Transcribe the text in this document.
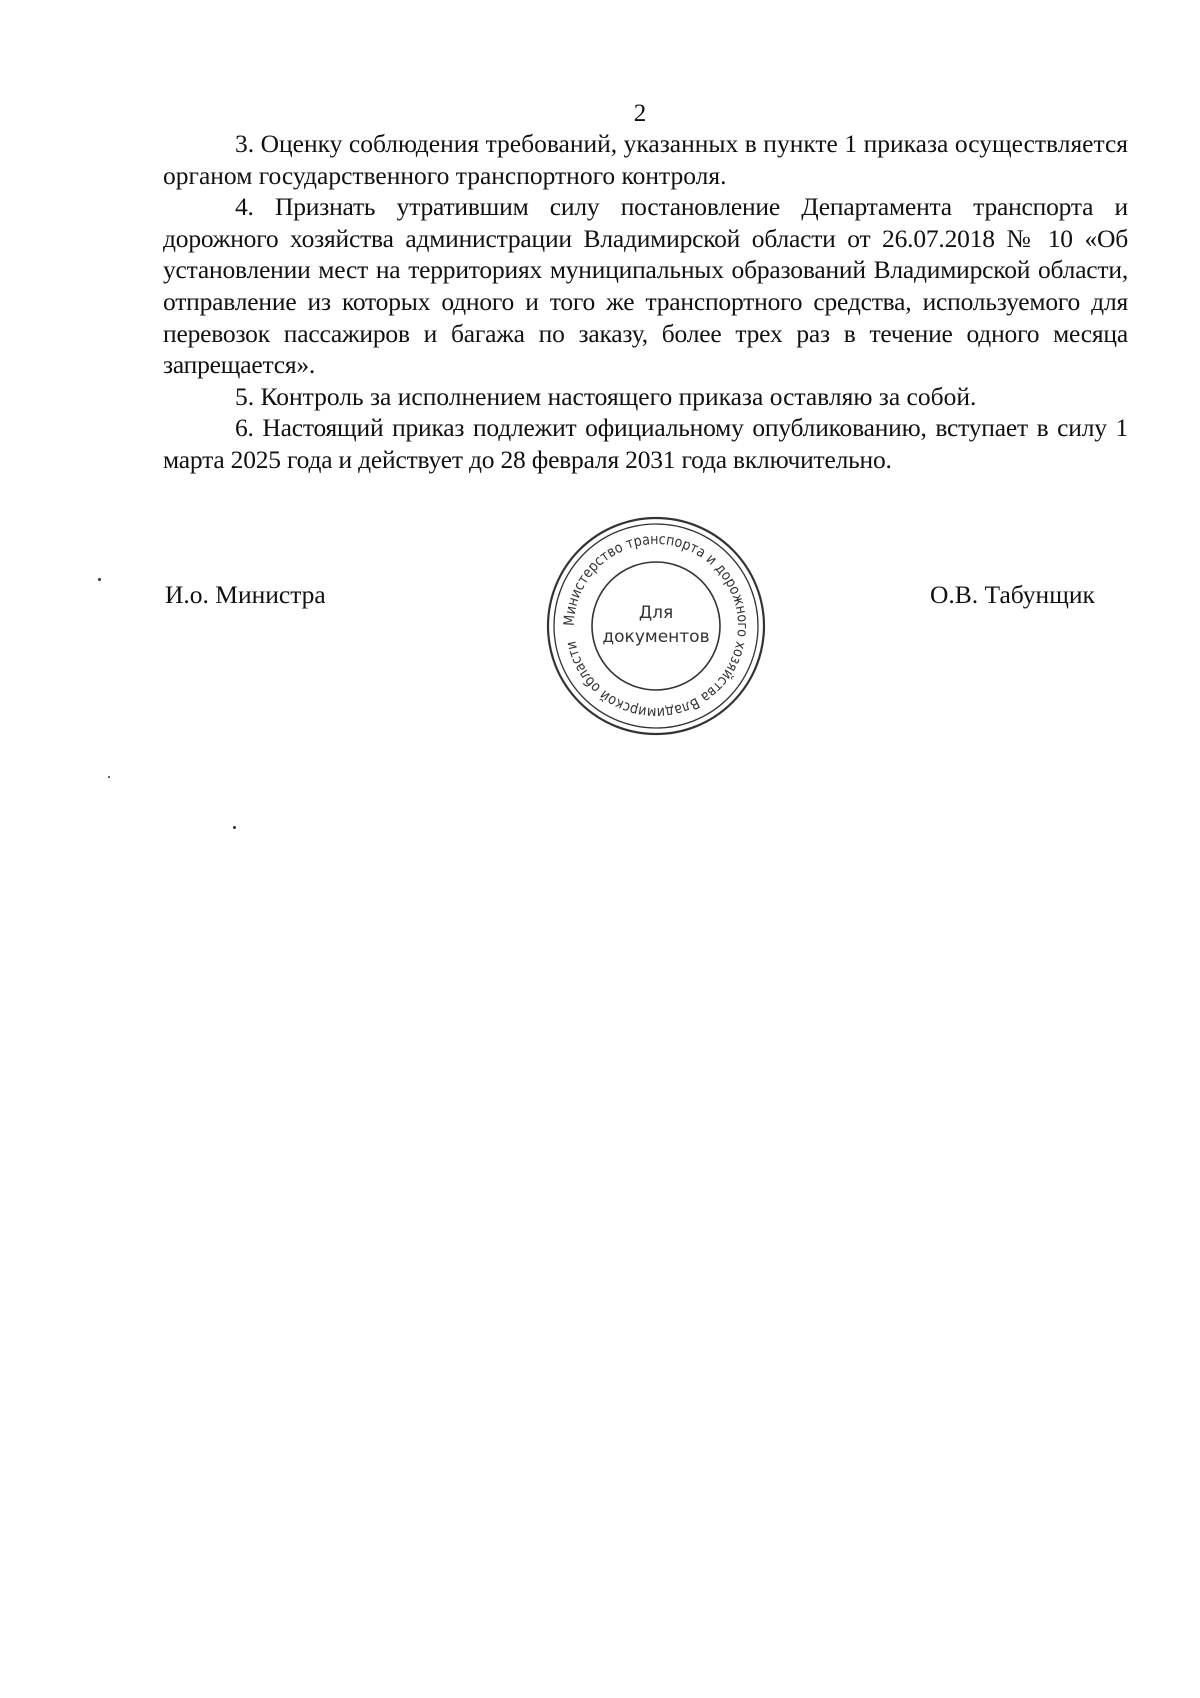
2

3. Оценку соблюдения требований, указанных в пункте 1 приказа осуществляется органом государственного транспортного контроля.

4. Признать утратившим силу постановление Департамента транспорта и дорожного хозяйства администрации Владимирской области от 26.07.2018 № 10 «Об установлении мест на территориях муниципальных образований Владимирской области, отправление из которых одного и того же транспортного средства, используемого для перевозок пассажиров и багажа по заказу, более трех раз в течение одного месяца запрещается».

5. Контроль за исполнением настоящего приказа оставляю за собой.

6. Настоящий приказ подлежит официальному опубликованию, вступает в силу 1 марта 2025 года и действует до 28 февраля 2031 года включительно.

И.о. Министра	О.В. Табунщик
Министерство транспорта и дорожного хозяйства Владимирской области
Для
документов
